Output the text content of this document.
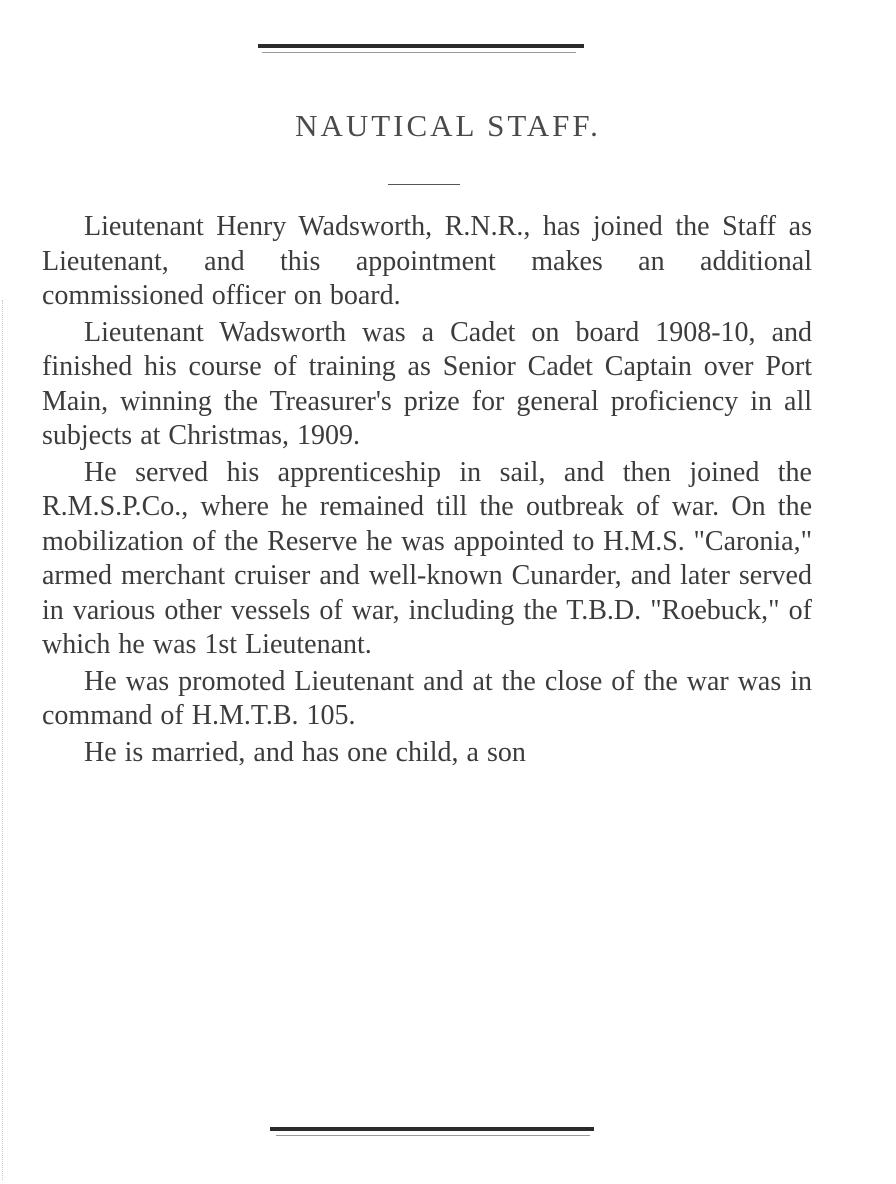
NAUTICAL STAFF.

Lieutenant Henry Wadsworth, R.N.R., has joined the Staff as Lieutenant, and this appointment makes an additional commissioned officer on board.

Lieutenant Wadsworth was a Cadet on board 1908-10, and finished his course of training as Senior Cadet Captain over Port Main, winning the Treasurer's prize for general proficiency in all subjects at Christmas, 1909.

He served his apprenticeship in sail, and then joined the R.M.S.P.Co., where he remained till the outbreak of war. On the mobilization of the Reserve he was appointed to H.M.S. "Caronia," armed merchant cruiser and well-known Cunarder, and later served in various other vessels of war, including the T.B.D. "Roebuck," of which he was 1st Lieutenant.

He was promoted Lieutenant and at the close of the war was in command of H.M.T.B. 105.

He is married, and has one child, a son
